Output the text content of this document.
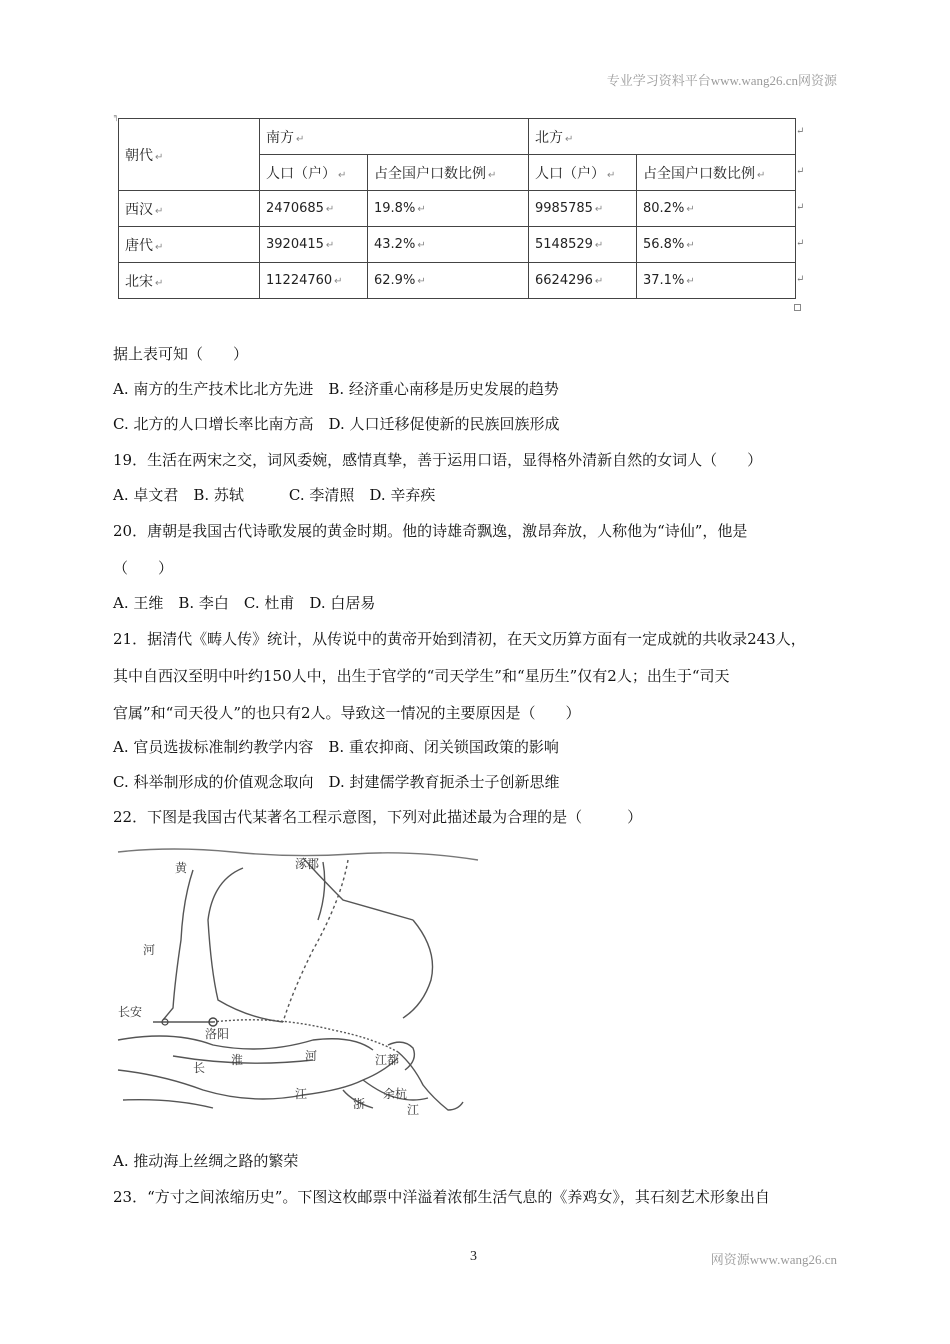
专业学习资料平台www.wang26.cn网资源
╕
朝代 ↵	南方 ↵		北方 ↵	
	人口（户） ↵	占全国户口数比例 ↵	人口（户） ↵	占全国户口数比例 ↵
西汉 ↵	2470685 ↵	19.8% ↵	9985785 ↵	80.2% ↵
唐代 ↵	3920415 ↵	43.2% ↵	5148529 ↵	56.8% ↵
北宋 ↵	11224760 ↵	62.9% ↵	6624296 ↵	37.1% ↵
↵
↵
↵
↵
↵
据上表可知（　　）
A. 南方的生产技术比北方先进　B. 经济重心南移是历史发展的趋势
C. 北方的人口增长率比南方高　D. 人口迁移促使新的民族回族形成
19．生活在两宋之交，词风委婉，感情真挚，善于运用口语，显得格外清新自然的女词人（　　）
A. 卓文君　B. 苏轼　　　C. 李清照　D. 辛弃疾
20．唐朝是我国古代诗歌发展的黄金时期。他的诗雄奇飘逸，激昂奔放，人称他为“诗仙”，他是
（　　）
A. 王维　B. 李白　C. 杜甫　D. 白居易
21．据清代《畴人传》统计，从传说中的黄帝开始到清初，在天文历算方面有一定成就的共收录243人，
其中自西汉至明中叶约150人中，出生于官学的“司天学生”和“星历生”仅有2人；出生于“司天
官属”和“司天役人”的也只有2人。导致这一情况的主要原因是（　　）
A. 官员选拔标准制约教学内容　B. 重农抑商、闭关锁国政策的影响
C. 科举制形成的价值观念取向　D. 封建儒学教育扼杀士子创新思维
22．下图是我国古代某著名工程示意图，下列对此描述最为合理的是（　　　）
黄
河
涿郡
长安
洛阳
淮	河	江都
长
江	余杭
浙	江
A. 推动海上丝绸之路的繁荣
23．“方寸之间浓缩历史”。下图这枚邮票中洋溢着浓郁生活气息的《养鸡女》，其石刻艺术形象出自
3	网资源www.wang26.cn
